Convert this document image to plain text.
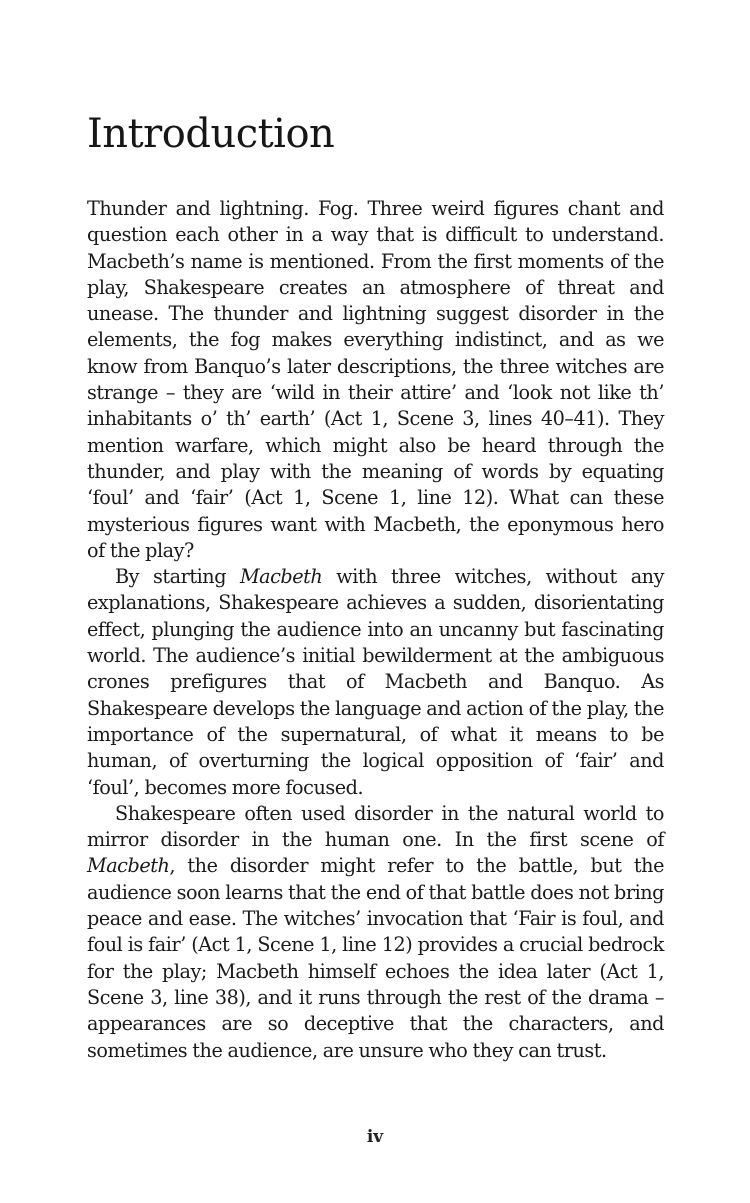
Introduction

Thunder and lightning. Fog. Three weird figures chant and question each other in a way that is difficult to understand. Macbeth’s name is mentioned. From the first moments of the play, Shakespeare creates an atmosphere of threat and unease. The thunder and lightning suggest disorder in the elements, the fog makes everything indistinct, and as we know from Banquo’s later descriptions, the three witches are strange – they are ‘wild in their attire’ and ‘look not like th’ inhabitants o’ th’ earth’ (Act 1, Scene 3, lines 40–41). They mention warfare, which might also be heard through the thunder, and play with the meaning of words by equating ‘foul’ and ‘fair’ (Act 1, Scene 1, line 12). What can these mysterious figures want with Macbeth, the eponymous hero of the play?

By starting Macbeth with three witches, without any explanations, Shakespeare achieves a sudden, disorientating effect, plunging the audience into an uncanny but fascinating world. The audience’s initial bewilderment at the ambiguous crones prefigures that of Macbeth and Banquo. As Shakespeare develops the language and action of the play, the importance of the supernatural, of what it means to be human, of overturning the logical opposition of ‘fair’ and ‘foul’, becomes more focused.

Shakespeare often used disorder in the natural world to mirror disorder in the human one. In the first scene of Macbeth, the disorder might refer to the battle, but the audience soon learns that the end of that battle does not bring peace and ease. The witches’ invocation that ‘Fair is foul, and foul is fair’ (Act 1, Scene 1, line 12) provides a crucial bedrock for the play; Macbeth himself echoes the idea later (Act 1, Scene 3, line 38), and it runs through the rest of the drama – appearances are so deceptive that the characters, and sometimes the audience, are unsure who they can trust.

iv
